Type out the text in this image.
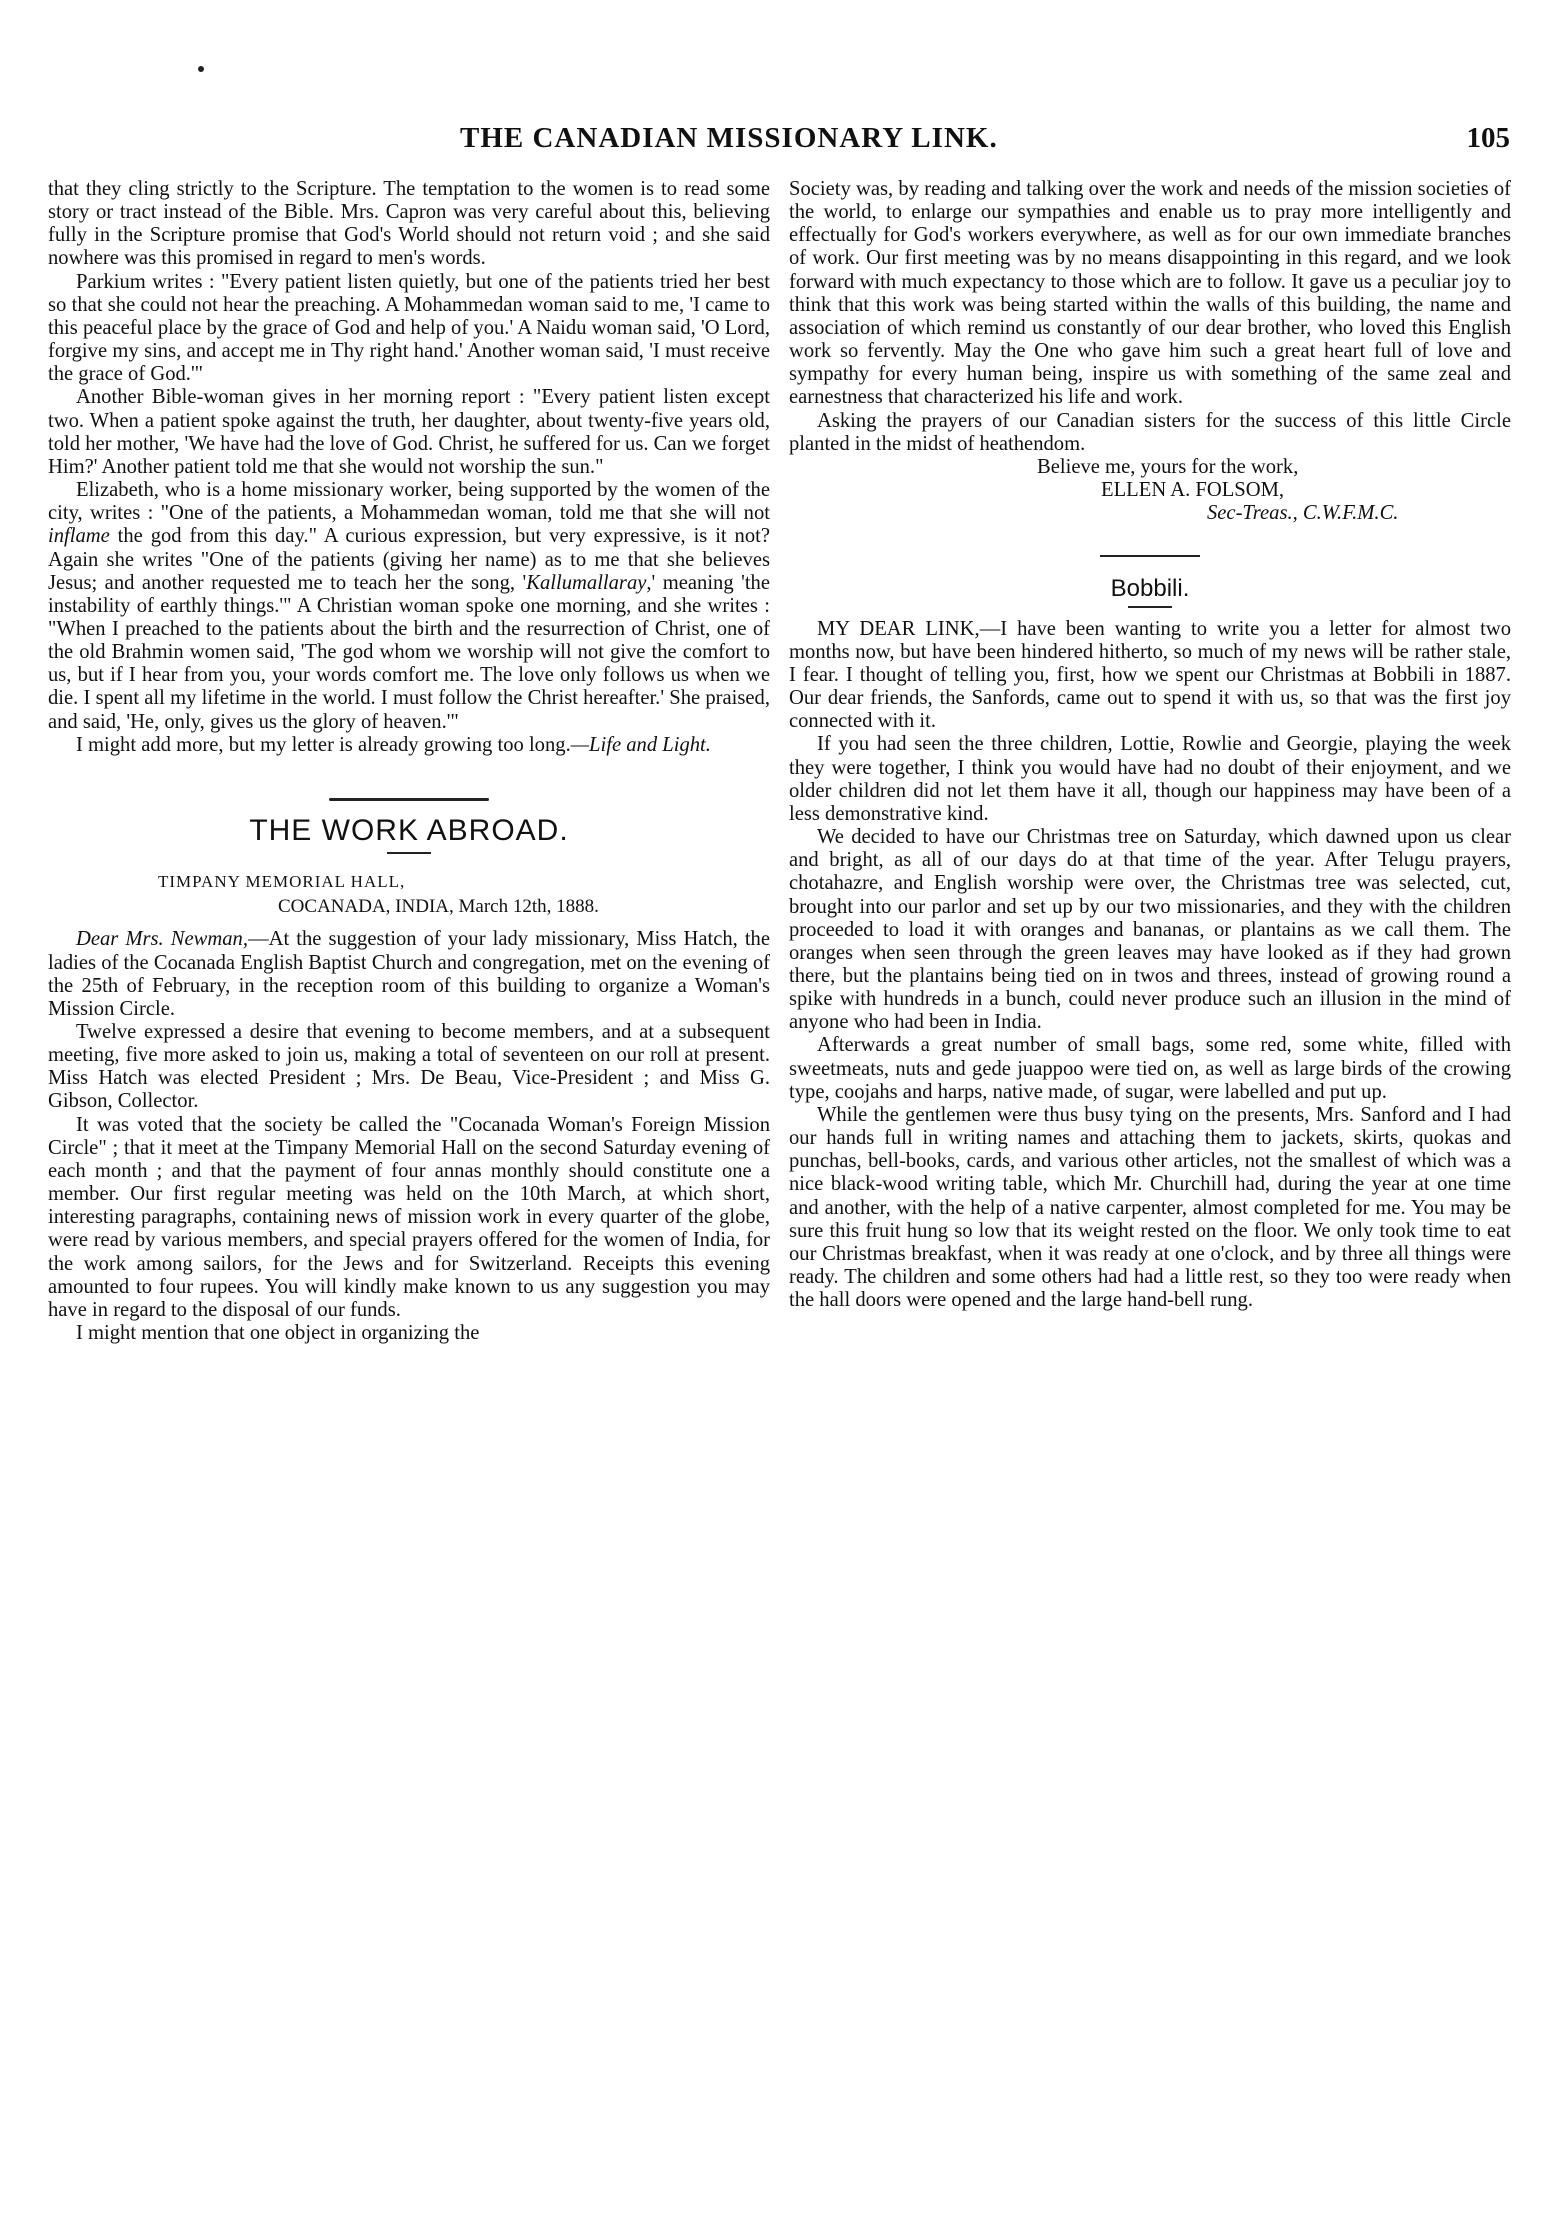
THE CANADIAN MISSIONARY LINK.	105

that they cling strictly to the Scripture. The temptation to the women is to read some story or tract instead of the Bible. Mrs. Capron was very careful about this, believing fully in the Scripture promise that God's World should not return void ; and she said nowhere was this promised in regard to men's words.

Parkium writes : "Every patient listen quietly, but one of the patients tried her best so that she could not hear the preaching. A Mohammedan woman said to me, 'I came to this peaceful place by the grace of God and help of you.' A Naidu woman said, 'O Lord, forgive my sins, and accept me in Thy right hand.' Another woman said, 'I must receive the grace of God.'"

Another Bible-woman gives in her morning report : "Every patient listen except two. When a patient spoke against the truth, her daughter, about twenty-five years old, told her mother, 'We have had the love of God. Christ, he suffered for us. Can we forget Him?' Another patient told me that she would not worship the sun."

Elizabeth, who is a home missionary worker, being supported by the women of the city, writes : "One of the patients, a Mohammedan woman, told me that she will not inflame the god from this day." A curious expression, but very expressive, is it not? Again she writes "One of the patients (giving her name) as to me that she believes Jesus; and another requested me to teach her the song, 'Kallumallaray,' meaning 'the instability of earthly things.'" A Christian woman spoke one morning, and she writes : "When I preached to the patients about the birth and the resurrection of Christ, one of the old Brahmin women said, 'The god whom we worship will not give the comfort to us, but if I hear from you, your words comfort me. The love only follows us when we die. I spent all my lifetime in the world. I must follow the Christ hereafter.' She praised, and said, 'He, only, gives us the glory of heaven.'"

I might add more, but my letter is already growing too long.—Life and Light.

THE WORK ABROAD.
TIMPANY MEMORIAL HALL,
COCANADA, INDIA, March 12th, 1888.

Dear Mrs. Newman,—At the suggestion of your lady missionary, Miss Hatch, the ladies of the Cocanada English Baptist Church and congregation, met on the evening of the 25th of February, in the reception room of this building to organize a Woman's Mission Circle.

Twelve expressed a desire that evening to become members, and at a subsequent meeting, five more asked to join us, making a total of seventeen on our roll at present. Miss Hatch was elected President ; Mrs. De Beau, Vice-President ; and Miss G. Gibson, Collector.

It was voted that the society be called the "Cocanada Woman's Foreign Mission Circle" ; that it meet at the Timpany Memorial Hall on the second Saturday evening of each month ; and that the payment of four annas monthly should constitute one a member. Our first regular meeting was held on the 10th March, at which short, interesting paragraphs, containing news of mission work in every quarter of the globe, were read by various members, and special prayers offered for the women of India, for the work among sailors, for the Jews and for Switzerland. Receipts this evening amounted to four rupees. You will kindly make known to us any suggestion you may have in regard to the disposal of our funds.

I might mention that one object in organizing the

Society was, by reading and talking over the work and needs of the mission societies of the world, to enlarge our sympathies and enable us to pray more intelligently and effectually for God's workers everywhere, as well as for our own immediate branches of work. Our first meeting was by no means disappointing in this regard, and we look forward with much expectancy to those which are to follow. It gave us a peculiar joy to think that this work was being started within the walls of this building, the name and association of which remind us constantly of our dear brother, who loved this English work so fervently. May the One who gave him such a great heart full of love and sympathy for every human being, inspire us with something of the same zeal and earnestness that characterized his life and work.

Asking the prayers of our Canadian sisters for the success of this little Circle planted in the midst of heathendom.

Believe me, yours for the work,

ELLEN A. FOLSOM,

Sec-Treas., C.W.F.M.C.

Bobbili.

MY DEAR LINK,—I have been wanting to write you a letter for almost two months now, but have been hindered hitherto, so much of my news will be rather stale, I fear. I thought of telling you, first, how we spent our Christmas at Bobbili in 1887. Our dear friends, the Sanfords, came out to spend it with us, so that was the first joy connected with it.

If you had seen the three children, Lottie, Rowlie and Georgie, playing the week they were together, I think you would have had no doubt of their enjoyment, and we older children did not let them have it all, though our happiness may have been of a less demonstrative kind.

We decided to have our Christmas tree on Saturday, which dawned upon us clear and bright, as all of our days do at that time of the year. After Telugu prayers, chotahazre, and English worship were over, the Christmas tree was selected, cut, brought into our parlor and set up by our two missionaries, and they with the children proceeded to load it with oranges and bananas, or plantains as we call them. The oranges when seen through the green leaves may have looked as if they had grown there, but the plantains being tied on in twos and threes, instead of growing round a spike with hundreds in a bunch, could never produce such an illusion in the mind of anyone who had been in India.

Afterwards a great number of small bags, some red, some white, filled with sweetmeats, nuts and gede juappoo were tied on, as well as large birds of the crowing type, coojahs and harps, native made, of sugar, were labelled and put up.

While the gentlemen were thus busy tying on the presents, Mrs. Sanford and I had our hands full in writing names and attaching them to jackets, skirts, quokas and punchas, bell-books, cards, and various other articles, not the smallest of which was a nice black-wood writing table, which Mr. Churchill had, during the year at one time and another, with the help of a native carpenter, almost completed for me. You may be sure this fruit hung so low that its weight rested on the floor. We only took time to eat our Christmas breakfast, when it was ready at one o'clock, and by three all things were ready. The children and some others had had a little rest, so they too were ready when the hall doors were opened and the large hand-bell rung.
